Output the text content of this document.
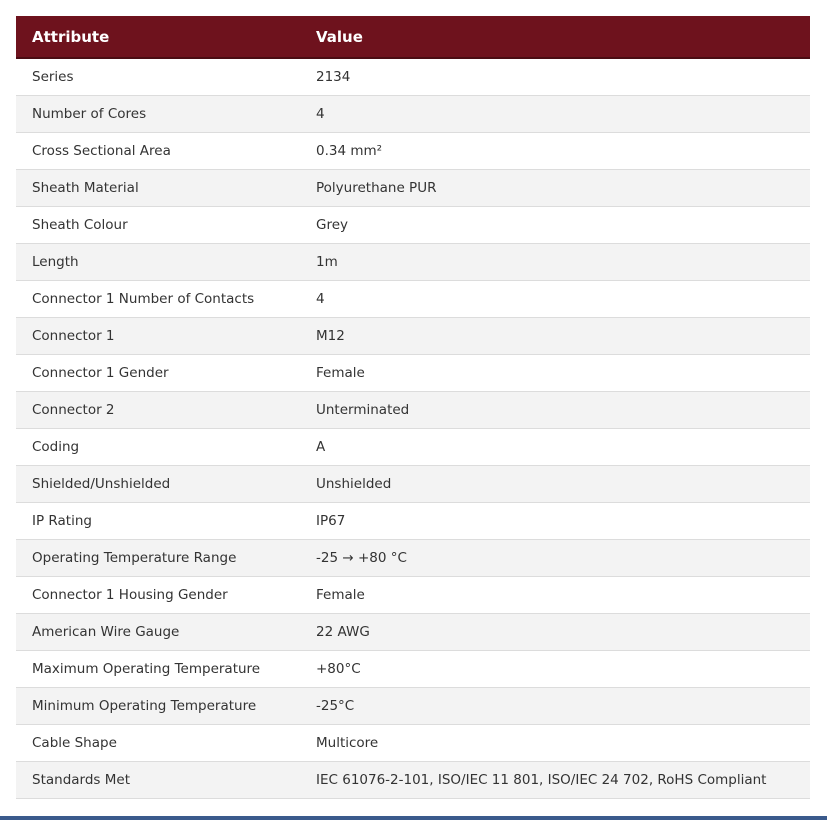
Attribute	Value
Series	2134
Number of Cores	4
Cross Sectional Area	0.34 mm²
Sheath Material	Polyurethane PUR
Sheath Colour	Grey
Length	1m
Connector 1 Number of Contacts	4
Connector 1	M12
Connector 1 Gender	Female
Connector 2	Unterminated
Coding	A
Shielded/Unshielded	Unshielded
IP Rating	IP67
Operating Temperature Range	-25 → +80 °C
Connector 1 Housing Gender	Female
American Wire Gauge	22 AWG
Maximum Operating Temperature	+80°C
Minimum Operating Temperature	-25°C
Cable Shape	Multicore
Standards Met	IEC 61076-2-101, ISO/IEC 11 801, ISO/IEC 24 702, RoHS Compliant
